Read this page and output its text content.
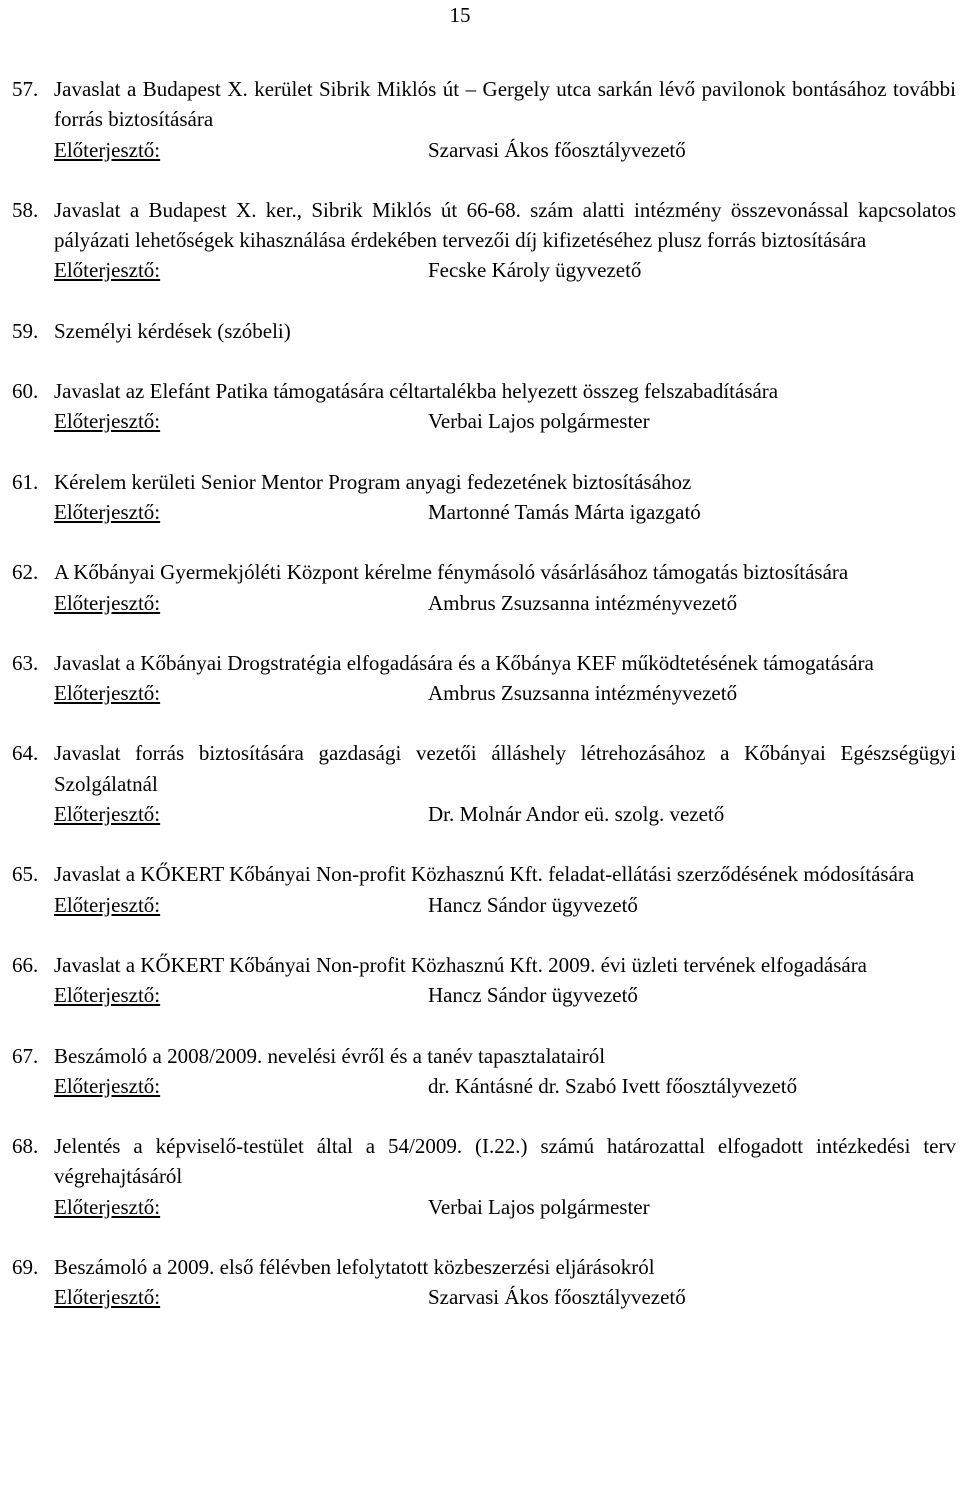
15
57. Javaslat a Budapest X. kerület Sibrik Miklós út – Gergely utca sarkán lévő pavilonok bontásához további forrás biztosítására
Előterjesztő:	Szarvasi Ákos főosztályvezető
58. Javaslat a Budapest X. ker., Sibrik Miklós út 66-68. szám alatti intézmény összevonással kapcsolatos pályázati lehetőségek kihasználása érdekében tervezői díj kifizetéséhez plusz forrás biztosítására
Előterjesztő:	Fecske Károly ügyvezető
59. Személyi kérdések (szóbeli)
60. Javaslat az Elefánt Patika támogatására céltartalékba helyezett összeg felszabadítására
Előterjesztő:	Verbai Lajos polgármester
61. Kérelem kerületi Senior Mentor Program anyagi fedezetének biztosításához
Előterjesztő:	Martonné Tamás Márta igazgató
62. A Kőbányai Gyermekjóléti Központ kérelme fénymásoló vásárlásához támogatás biztosítására
Előterjesztő:	Ambrus Zsuzsanna intézményvezető
63. Javaslat a Kőbányai Drogstratégia elfogadására és a Kőbánya KEF működtetésének támogatására
Előterjesztő:	Ambrus Zsuzsanna intézményvezető
64. Javaslat forrás biztosítására gazdasági vezetői álláshely létrehozásához a Kőbányai Egészségügyi Szolgálatnál
Előterjesztő:	Dr. Molnár Andor eü. szolg. vezető
65. Javaslat a KŐKERT Kőbányai Non-profit Közhasznú Kft. feladat-ellátási szerződésének módosítására
Előterjesztő:	Hancz Sándor ügyvezető
66. Javaslat a KŐKERT Kőbányai Non-profit Közhasznú Kft. 2009. évi üzleti tervének elfogadására
Előterjesztő:	Hancz Sándor ügyvezető
67. Beszámoló a 2008/2009. nevelési évről és a tanév tapasztalatairól
Előterjesztő:	dr. Kántásné dr. Szabó Ivett főosztályvezető
68. Jelentés a képviselő-testület által a 54/2009. (I.22.) számú határozattal elfogadott intézkedési terv végrehajtásáról
Előterjesztő:	Verbai Lajos polgármester
69. Beszámoló a 2009. első félévben lefolytatott közbeszerzési eljárásokról
Előterjesztő:	Szarvasi Ákos főosztályvezető
